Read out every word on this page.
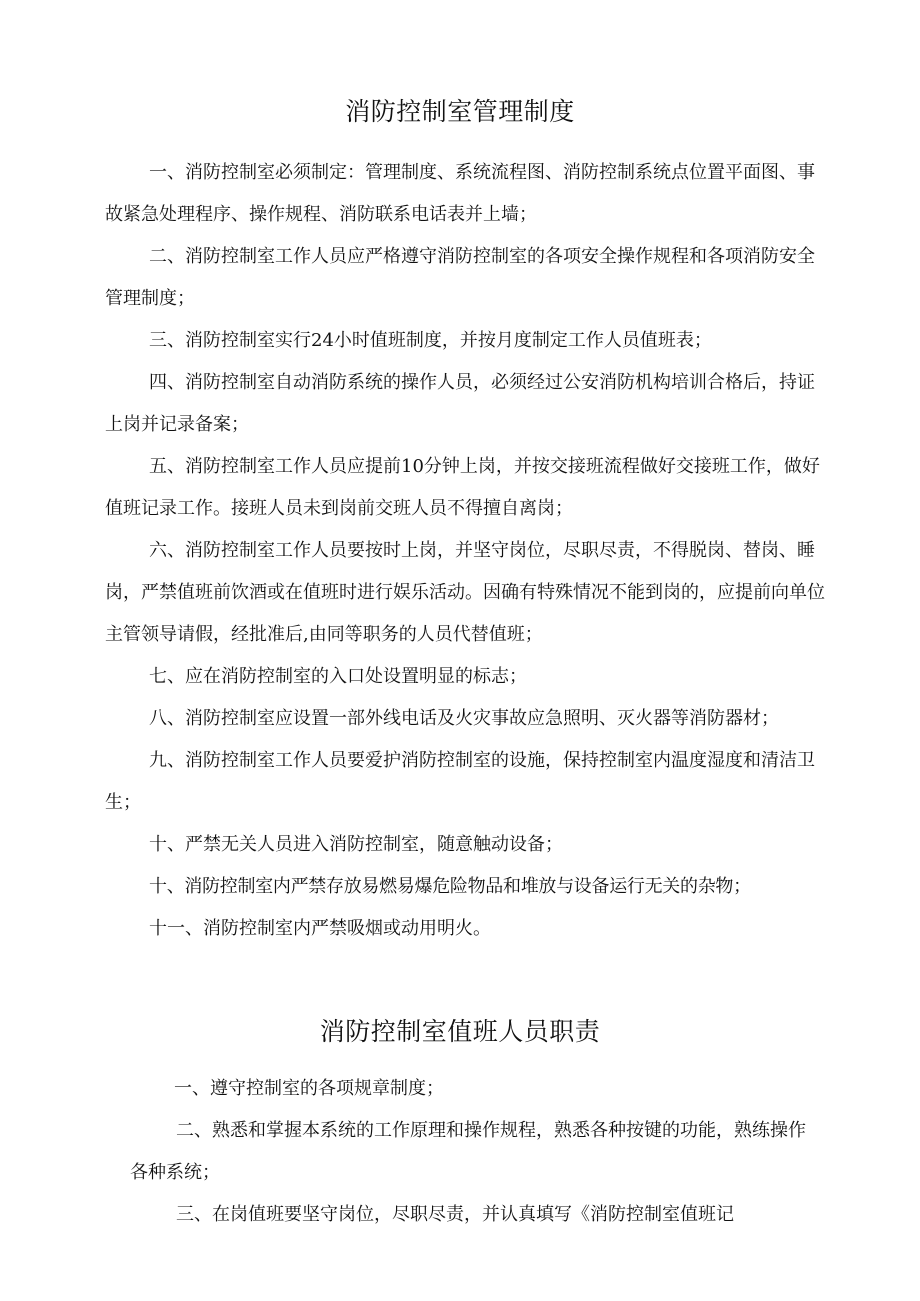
消防控制室管理制度

一、消防控制室必须制定：管理制度、系统流程图、消防控制系统点位置平面图、事故紧急处理程序、操作规程、消防联系电话表并上墙；

二、消防控制室工作人员应严格遵守消防控制室的各项安全操作规程和各项消防安全管理制度；

三、消防控制室实行24小时值班制度，并按月度制定工作人员值班表；

四、消防控制室自动消防系统的操作人员，必须经过公安消防机构培训合格后，持证上岗并记录备案；

五、消防控制室工作人员应提前10分钟上岗，并按交接班流程做好交接班工作，做好值班记录工作。接班人员未到岗前交班人员不得擅自离岗；

六、消防控制室工作人员要按时上岗，并坚守岗位，尽职尽责，不得脱岗、替岗、睡岗，严禁值班前饮酒或在值班时进行娱乐活动。因确有特殊情况不能到岗的，应提前向单位主管领导请假，经批准后,由同等职务的人员代替值班；

七、应在消防控制室的入口处设置明显的标志；

八、消防控制室应设置一部外线电话及火灾事故应急照明、灭火器等消防器材；

九、消防控制室工作人员要爱护消防控制室的设施，保持控制室内温度湿度和清洁卫生；

十、严禁无关人员进入消防控制室，随意触动设备；

十、消防控制室内严禁存放易燃易爆危险物品和堆放与设备运行无关的杂物；

十一、消防控制室内严禁吸烟或动用明火。

消防控制室值班人员职责

一、遵守控制室的各项规章制度；

二、熟悉和掌握本系统的工作原理和操作规程，熟悉各种按键的功能，熟练操作各种系统；

三、在岗值班要坚守岗位，尽职尽责，并认真填写《消防控制室值班记
